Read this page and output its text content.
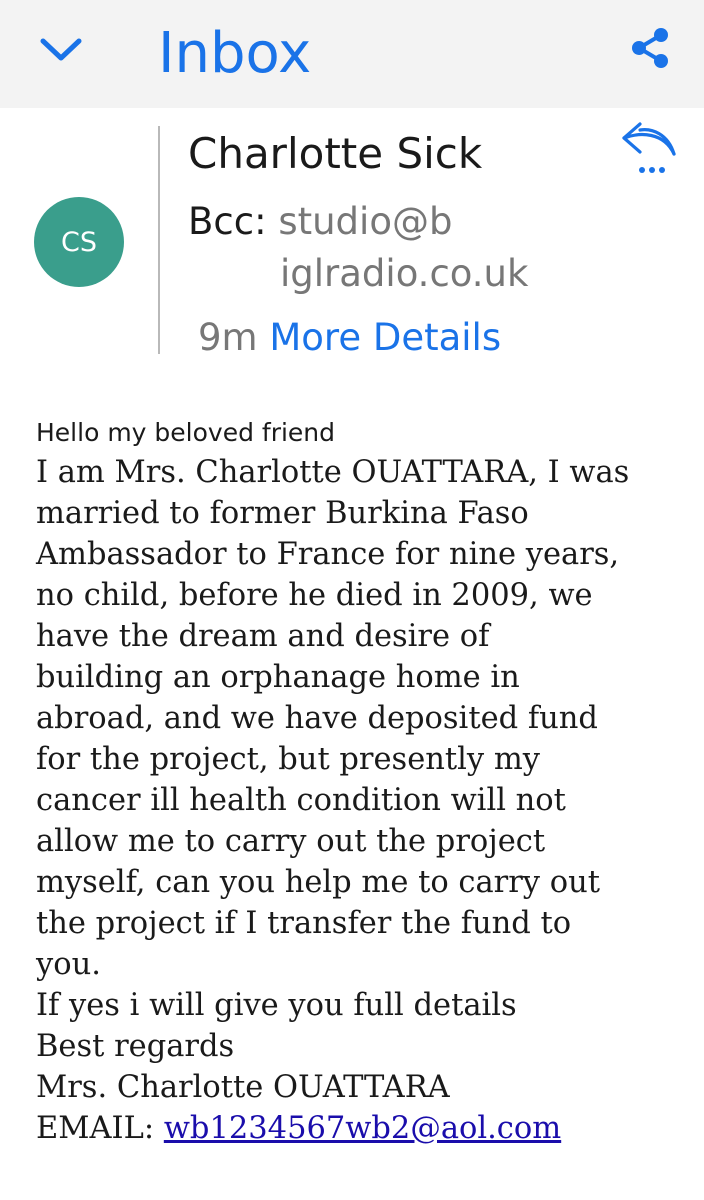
Inbox
CS
Charlotte Sick
Bcc: studio@b
iglradio.co.uk
9m More Details
Hello my beloved friend
I am Mrs. Charlotte OUATTARA, I was
married to former Burkina Faso
Ambassador to France for nine years,
no child, before he died in 2009, we
have the dream and desire of
building an orphanage home in
abroad, and we have deposited fund
for the project, but presently my
cancer ill health condition will not
allow me to carry out the project
myself, can you help me to carry out
the project if I transfer the fund to
you.
If yes i will give you full details
Best regards
Mrs. Charlotte OUATTARA
EMAIL: wb1234567wb2@aol.com
